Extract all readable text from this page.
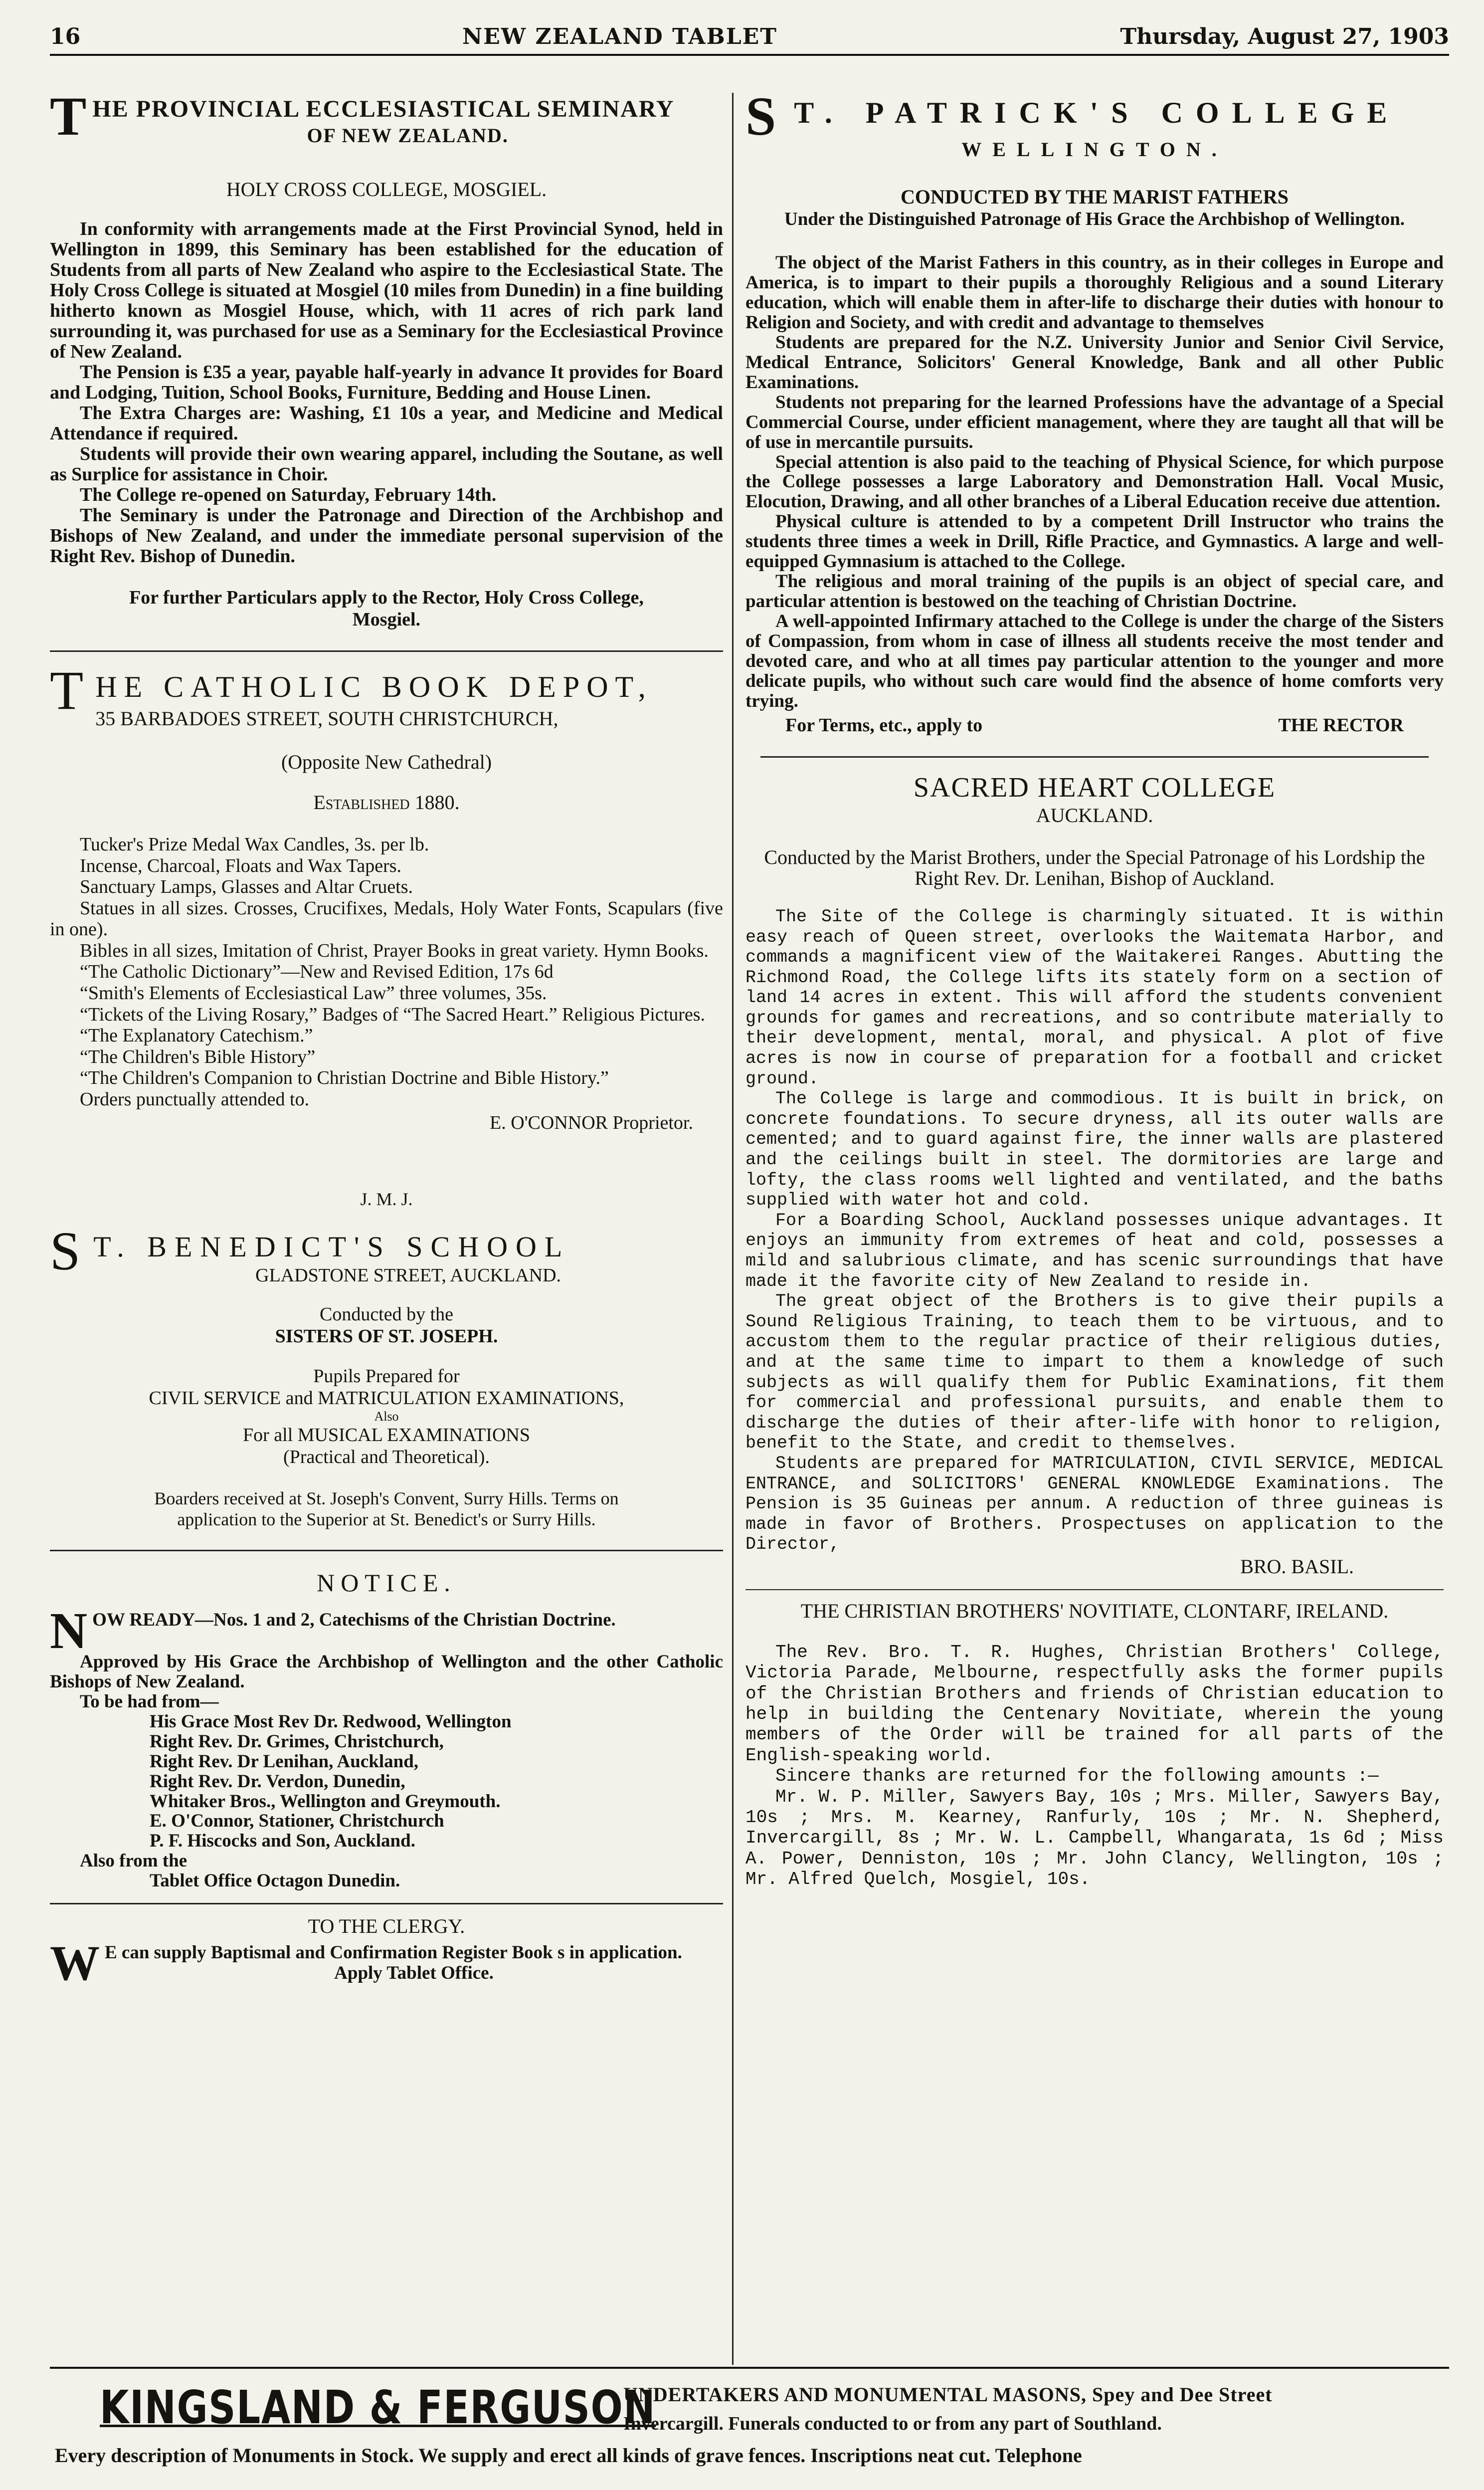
16	NEW ZEALAND TABLET	Thursday, August 27, 1903
T HE PROVINCIAL ECCLESIASTICAL SEMINARY
OF NEW ZEALAND.
HOLY CROSS COLLEGE, MOSGIEL.

In conformity with arrangements made at the First Provincial Synod, held in Wellington in 1899, this Seminary has been established for the education of Students from all parts of New Zealand who aspire to the Ecclesiastical State. The Holy Cross College is situated at Mosgiel (10 miles from Dunedin) in a fine building hitherto known as Mosgiel House, which, with 11 acres of rich park land surrounding it, was purchased for use as a Seminary for the Ecclesiastical Province of New Zealand.

The Pension is £35 a year, payable half-yearly in advance It provides for Board and Lodging, Tuition, School Books, Furniture, Bedding and House Linen.

The Extra Charges are: Washing, £1 10s a year, and Medicine and Medical Attendance if required.

Students will provide their own wearing apparel, including the Soutane, as well as Surplice for assistance in Choir.

The College re-opened on Saturday, February 14th.

The Seminary is under the Patronage and Direction of the Archbishop and Bishops of New Zealand, and under the immediate personal supervision of the Right Rev. Bishop of Dunedin.

For further Particulars apply to the Rector, Holy Cross College, Mosgiel.
T HE CATHOLIC BOOK DEPOT,
35 BARBADOES STREET, SOUTH CHRISTCHURCH,
(Opposite New Cathedral)
Established 1880.

Tucker's Prize Medal Wax Candles, 3s. per lb.

Incense, Charcoal, Floats and Wax Tapers.

Sanctuary Lamps, Glasses and Altar Cruets.

Statues in all sizes. Crosses, Crucifixes, Medals, Holy Water Fonts, Scapulars (five in one).

Bibles in all sizes, Imitation of Christ, Prayer Books in great variety. Hymn Books.

“The Catholic Dictionary”—New and Revised Edition, 17s 6d

“Smith's Elements of Ecclesiastical Law” three volumes, 35s.

“Tickets of the Living Rosary,” Badges of “The Sacred Heart.” Religious Pictures.

“The Explanatory Catechism.”

“The Children's Bible History”

“The Children's Companion to Christian Doctrine and Bible History.”

Orders punctually attended to.

E. O'CONNOR Proprietor.
J. M. J.
S T. BENEDICT'S SCHOOL
GLADSTONE STREET, AUCKLAND.
Conducted by the
SISTERS OF ST. JOSEPH.
Pupils Prepared for
CIVIL SERVICE and MATRICULATION EXAMINATIONS,
Also
For all MUSICAL EXAMINATIONS
(Practical and Theoretical).
Boarders received at St. Joseph's Convent, Surry Hills. Terms on application to the Superior at St. Benedict's or Surry Hills.
NOTICE.
N OW READY—Nos. 1 and 2, Catechisms of the Christian Doctrine.

Approved by His Grace the Archbishop of Wellington and the other Catholic Bishops of New Zealand.

To be had from—

His Grace Most Rev Dr. Redwood, Wellington

Right Rev. Dr. Grimes, Christchurch,

Right Rev. Dr Lenihan, Auckland,

Right Rev. Dr. Verdon, Dunedin,

Whitaker Bros., Wellington and Greymouth.

E. O'Connor, Stationer, Christchurch

P. F. Hiscocks and Son, Auckland.

Also from the

Tablet Office Octagon Dunedin.

TO THE CLERGY.
W E can supply Baptismal and Confirmation Register Book s in application.

Apply Tablet Office.

S T. PATRICK'S COLLEGE
WELLINGTON.
CONDUCTED BY THE MARIST FATHERS
Under the Distinguished Patronage of His Grace the Archbishop of Wellington.

The object of the Marist Fathers in this country, as in their colleges in Europe and America, is to impart to their pupils a thoroughly Religious and a sound Literary education, which will enable them in after-life to discharge their duties with honour to Religion and Society, and with credit and advantage to themselves

Students are prepared for the N.Z. University Junior and Senior Civil Service, Medical Entrance, Solicitors' General Knowledge, Bank and all other Public Examinations.

Students not preparing for the learned Professions have the advantage of a Special Commercial Course, under efficient management, where they are taught all that will be of use in mercantile pursuits.

Special attention is also paid to the teaching of Physical Science, for which purpose the College possesses a large Laboratory and Demonstration Hall. Vocal Music, Elocution, Drawing, and all other branches of a Liberal Education receive due attention.

Physical culture is attended to by a competent Drill Instructor who trains the students three times a week in Drill, Rifle Practice, and Gymnastics. A large and well-equipped Gymnasium is attached to the College.

The religious and moral training of the pupils is an object of special care, and particular attention is bestowed on the teaching of Christian Doctrine.

A well-appointed Infirmary attached to the College is under the charge of the Sisters of Compassion, from whom in case of illness all students receive the most tender and devoted care, and who at all times pay particular attention to the younger and more delicate pupils, who without such care would find the absence of home comforts very trying.

For Terms, etc., apply to	THE RECTOR
SACRED HEART COLLEGE
AUCKLAND.
Conducted by the Marist Brothers, under the Special Patronage of his Lordship the Right Rev. Dr. Lenihan, Bishop of Auckland.

The Site of the College is charmingly situated. It is within easy reach of Queen street, overlooks the Waitemata Harbor, and commands a magnificent view of the Waitakerei Ranges. Abutting the Richmond Road, the College lifts its stately form on a section of land 14 acres in extent. This will afford the students convenient grounds for games and recreations, and so contribute materially to their development, mental, moral, and physical. A plot of five acres is now in course of preparation for a football and cricket ground.

The College is large and commodious. It is built in brick, on concrete foundations. To secure dryness, all its outer walls are cemented; and to guard against fire, the inner walls are plastered and the ceilings built in steel. The dormitories are large and lofty, the class rooms well lighted and ventilated, and the baths supplied with water hot and cold.

For a Boarding School, Auckland possesses unique advantages. It enjoys an immunity from extremes of heat and cold, possesses a mild and salubrious climate, and has scenic surroundings that have made it the favorite city of New Zealand to reside in.

The great object of the Brothers is to give their pupils a Sound Religious Training, to teach them to be virtuous, and to accustom them to the regular practice of their religious duties, and at the same time to impart to them a knowledge of such subjects as will qualify them for Public Examinations, fit them for commercial and professional pursuits, and enable them to discharge the duties of their after-life with honor to religion, benefit to the State, and credit to themselves.

Students are prepared for MATRICULATION, CIVIL SERVICE, MEDICAL ENTRANCE, and SOLICITORS' GENERAL KNOWLEDGE Examinations. The Pension is 35 Guineas per annum. A reduction of three guineas is made in favor of Brothers. Prospectuses on application to the Director,

BRO. BASIL.
THE CHRISTIAN BROTHERS' NOVITIATE, CLONTARF, IRELAND.

The Rev. Bro. T. R. Hughes, Christian Brothers' College, Victoria Parade, Melbourne, respectfully asks the former pupils of the Christian Brothers and friends of Christian education to help in building the Centenary Novitiate, wherein the young members of the Order will be trained for all parts of the English-speaking world.

Sincere thanks are returned for the following amounts :—

Mr. W. P. Miller, Sawyers Bay, 10s ; Mrs. Miller, Sawyers Bay, 10s ; Mrs. M. Kearney, Ranfurly, 10s ; Mr. N. Shepherd, Invercargill, 8s ; Mr. W. L. Campbell, Whangarata, 1s 6d ; Miss A. Power, Denniston, 10s ; Mr. John Clancy, Wellington, 10s ; Mr. Alfred Quelch, Mosgiel, 10s.

KINGSLAND & FERGUSON
UNDERTAKERS AND MONUMENTAL MASONS, Spey and Dee Street
Invercargill. Funerals conducted to or from any part of Southland.
Every description of Monuments in Stock. We supply and erect all kinds of grave fences. Inscriptions neat cut. Telephone
